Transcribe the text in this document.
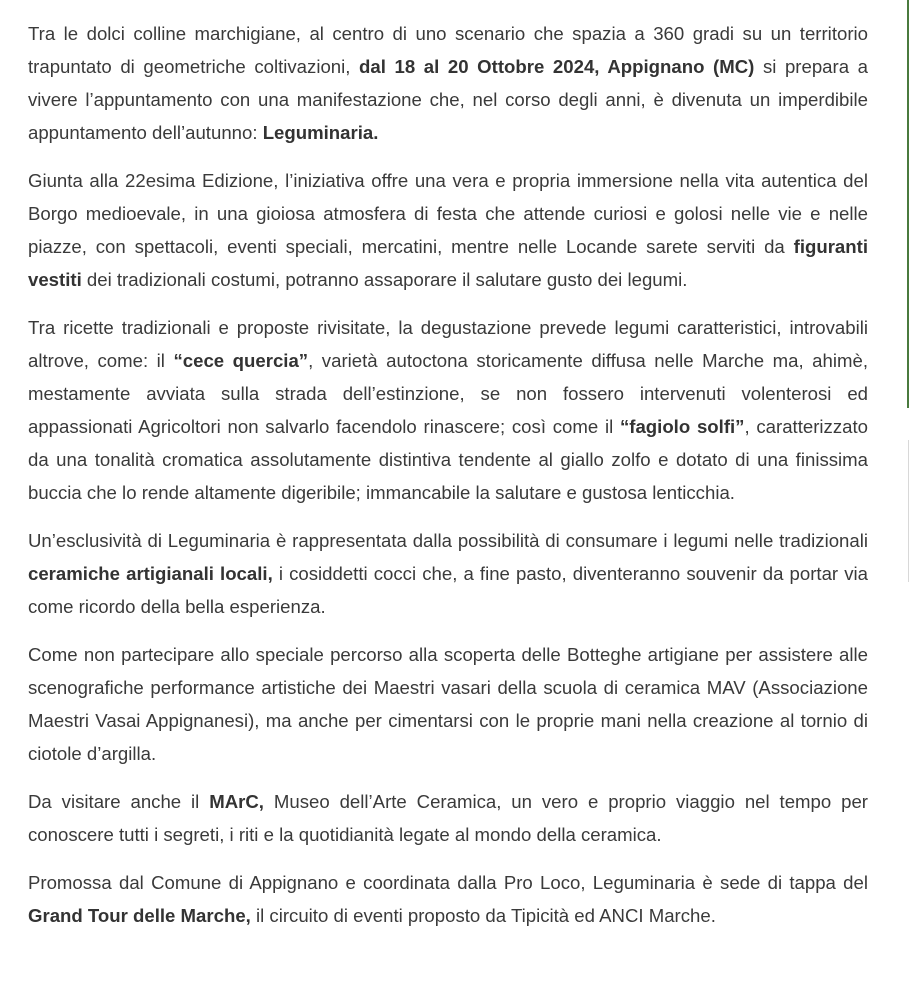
Tra le dolci colline marchigiane, al centro di uno scenario che spazia a 360 gradi su un territorio trapuntato di geometriche coltivazioni, dal 18 al 20 Ottobre 2024, Appignano (MC) si prepara a vivere l’appuntamento con una manifestazione che, nel corso degli anni, è divenuta un imperdibile appuntamento dell’autunno: Leguminaria.

Giunta alla 22esima Edizione, l’iniziativa offre una vera e propria immersione nella vita autentica del Borgo medioevale, in una gioiosa atmosfera di festa che attende curiosi e golosi nelle vie e nelle piazze, con spettacoli, eventi speciali, mercatini, mentre nelle Locande sarete serviti da figuranti vestiti dei tradizionali costumi, potranno assaporare il salutare gusto dei legumi.

Tra ricette tradizionali e proposte rivisitate, la degustazione prevede legumi caratteristici, introvabili altrove, come: il “cece quercia”, varietà autoctona storicamente diffusa nelle Marche ma, ahimè, mestamente avviata sulla strada dell’estinzione, se non fossero intervenuti volenterosi ed appassionati Agricoltori non salvarlo facendolo rinascere; così come il “fagiolo solfi”, caratterizzato da una tonalità cromatica assolutamente distintiva tendente al giallo zolfo e dotato di una finissima buccia che lo rende altamente digeribile; immancabile la salutare e gustosa lenticchia.

Un’esclusività di Leguminaria è rappresentata dalla possibilità di consumare i legumi nelle tradizionali ceramiche artigianali locali, i cosiddetti cocci che, a fine pasto, diventeranno souvenir da portar via come ricordo della bella esperienza.

Come non partecipare allo speciale percorso alla scoperta delle Botteghe artigiane per assistere alle scenografiche performance artistiche dei Maestri vasari della scuola di ceramica MAV (Associazione Maestri Vasai Appignanesi), ma anche per cimentarsi con le proprie mani nella creazione al tornio di ciotole d’argilla.

Da visitare anche il MArC, Museo dell’Arte Ceramica, un vero e proprio viaggio nel tempo per conoscere tutti i segreti, i riti e la quotidianità legate al mondo della ceramica.

Promossa dal Comune di Appignano e coordinata dalla Pro Loco, Leguminaria è sede di tappa del Grand Tour delle Marche, il circuito di eventi proposto da Tipicità ed ANCI Marche.
